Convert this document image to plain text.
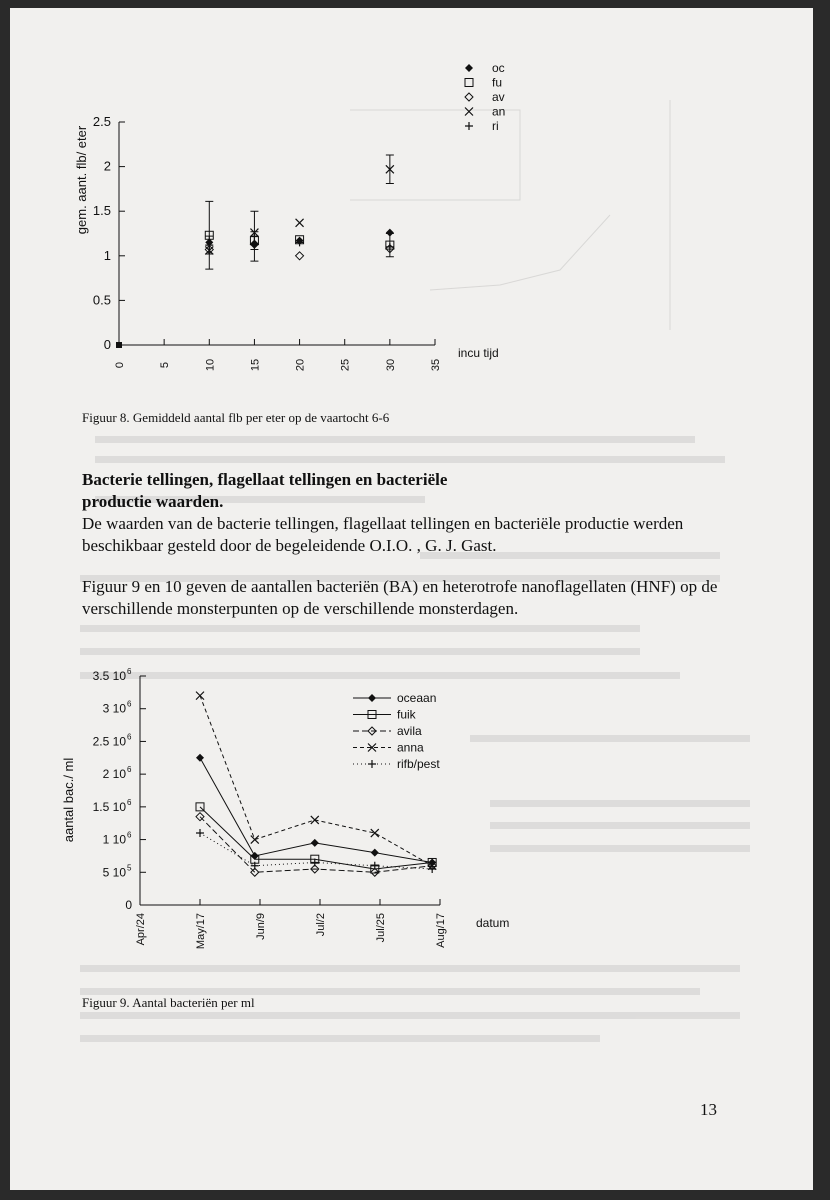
0
0.5
1
1.5
2
2.5
0	5	10	15	20	25	30	35
oc
fu
av
an
ri
gem. aant. flb/ eter
incu tijd
Figuur 8. Gemiddeld aantal flb per eter op de vaartocht 6-6
Bacterie tellingen, flagellaat tellingen en bacteriële productie waarden.
De waarden van de bacterie tellingen, flagellaat tellingen en bacteriële productie werden beschikbaar gesteld door de begeleidende O.I.O. , G. J. Gast.
Figuur 9 en 10 geven de aantallen bacteriën (BA) en heterotrofe nanoflagellaten (HNF) op de verschillende monsterpunten op de verschillende monsterdagen.
0
5 10 5
1 10 6
1.5 10 6
2 10 6
2.5 10 6
3 10 6
3.5 10 6
Apr/24	May/17	Jun/9	Jul/2	Jul/25	Aug/17
oceaan
fuik
avila
anna
rifb/pest
aantal bac./ ml
datum
Figuur 9. Aantal bacteriën per ml
13
